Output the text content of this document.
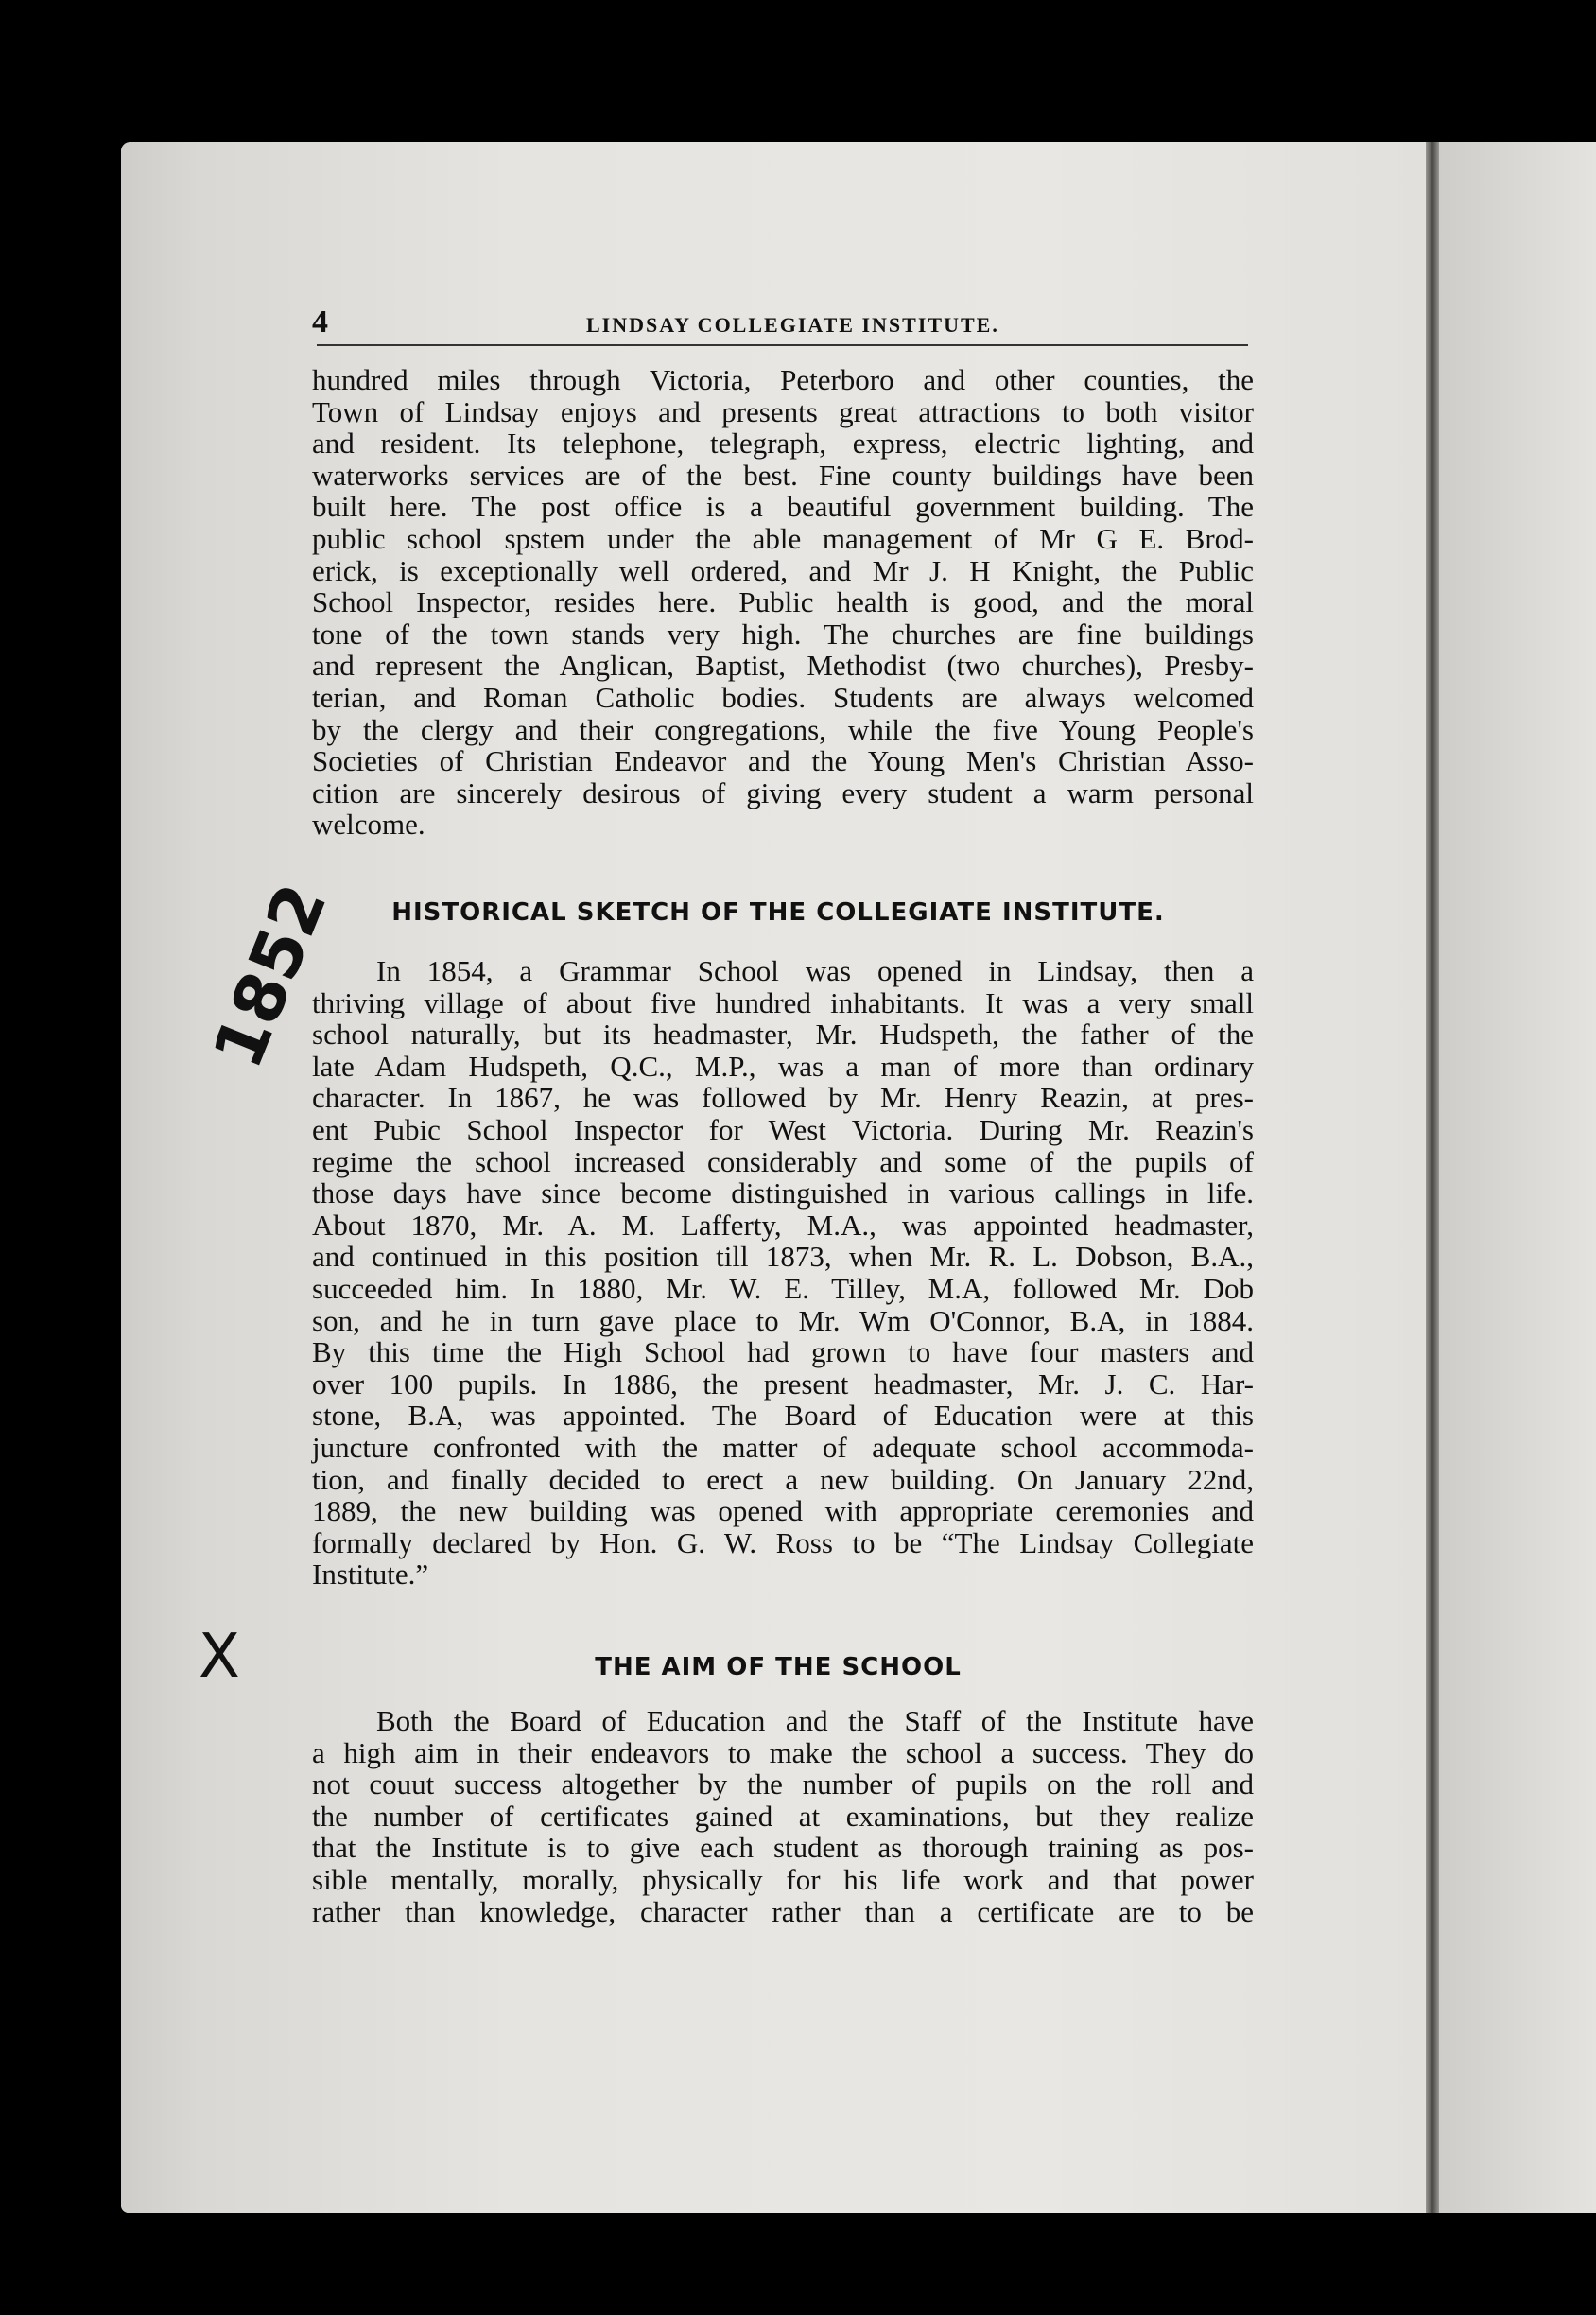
4	LINDSAY COLLEGIATE INSTITUTE.
hundred miles through Victoria, Peterboro and other counties, the
Town of Lindsay enjoys and presents great attractions to both visitor
and resident. Its telephone, telegraph, express, electric lighting, and
waterworks services are of the best. Fine county buildings have been
built here. The post office is a beautiful government building. The
public school spstem under the able management of Mr G E. Brod-
erick, is exceptionally well ordered, and Mr J. H Knight, the Public
School Inspector, resides here. Public health is good, and the moral
tone of the town stands very high. The churches are fine buildings
and represent the Anglican, Baptist, Methodist (two churches), Presby-
terian, and Roman Catholic bodies. Students are always welcomed
by the clergy and their congregations, while the five Young People's
Societies of Christian Endeavor and the Young Men's Christian Asso-
cition are sincerely desirous of giving every student a warm personal
welcome.
HISTORICAL SKETCH OF THE COLLEGIATE INSTITUTE.
In 1854, a Grammar School was opened in Lindsay, then a
thriving village of about five hundred inhabitants. It was a very small
school naturally, but its headmaster, Mr. Hudspeth, the father of the
late Adam Hudspeth, Q.C., M.P., was a man of more than ordinary
character. In 1867, he was followed by Mr. Henry Reazin, at pres-
ent Pubic School Inspector for West Victoria. During Mr. Reazin's
regime the school increased considerably and some of the pupils of
those days have since become distinguished in various callings in life.
About 1870, Mr. A. M. Lafferty, M.A., was appointed headmaster,
and continued in this position till 1873, when Mr. R. L. Dobson, B.A.,
succeeded him. In 1880, Mr. W. E. Tilley, M.A, followed Mr. Dob
son, and he in turn gave place to Mr. Wm O'Connor, B.A, in 1884.
By this time the High School had grown to have four masters and
over 100 pupils. In 1886, the present headmaster, Mr. J. C. Har-
stone, B.A, was appointed. The Board of Education were at this
juncture confronted with the matter of adequate school accommoda-
tion, and finally decided to erect a new building. On January 22nd,
1889, the new building was opened with appropriate ceremonies and
formally declared by Hon. G. W. Ross to be “The Lindsay Collegiate
Institute.”
THE AIM OF THE SCHOOL
Both the Board of Education and the Staff of the Institute have
a high aim in their endeavors to make the school a success. They do
not couut success altogether by the number of pupils on the roll and
the number of certificates gained at examinations, but they realize
that the Institute is to give each student as thorough training as pos-
sible mentally, morally, physically for his life work and that power
rather than knowledge, character rather than a certificate are to be
1852
X
